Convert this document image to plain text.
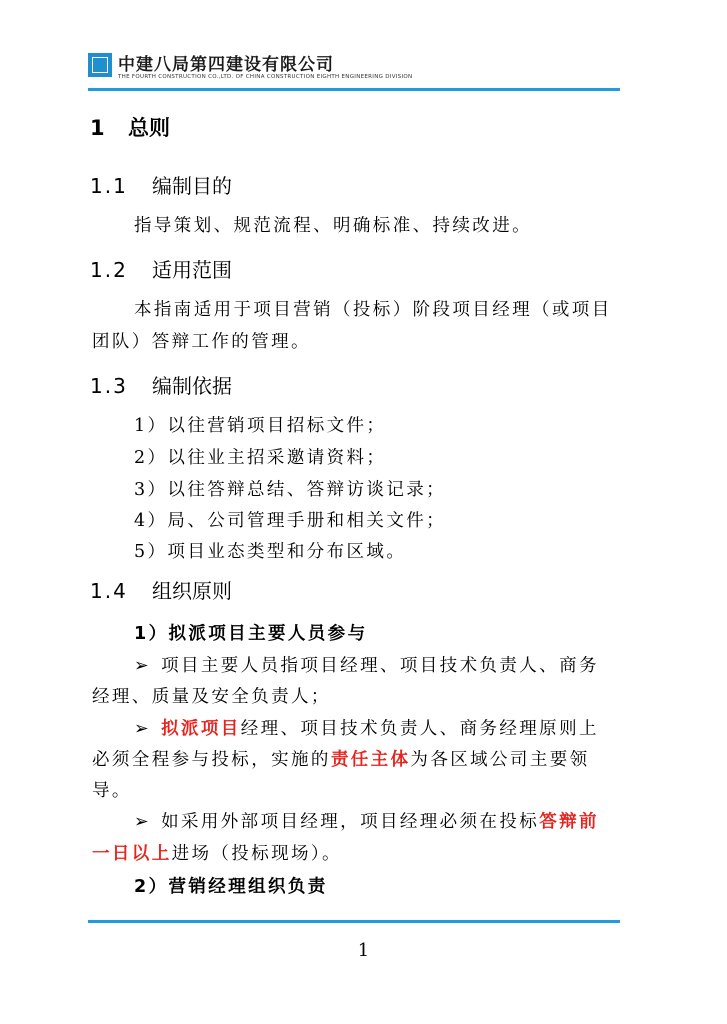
中建八局第四建设有限公司
THE FOURTH CONSTRUCTION CO.,LTD. OF CHINA CONSTRUCTION EIGHTH ENGINEERING DIVISION
1 总则
1.1 编制目的
指导策划、规范流程、明确标准、持续改进。
1.2 适用范围
本指南适用于项目营销（投标）阶段项目经理（或项目
团队）答辩工作的管理。
1.3 编制依据
1）以往营销项目招标文件；
2）以往业主招采邀请资料；
3）以往答辩总结、答辩访谈记录；
4）局、公司管理手册和相关文件；
5）项目业态类型和分布区域。
1.4 组织原则
1）拟派项目主要人员参与
➢ 项目主要人员指项目经理、项目技术负责人、商务
经理、质量及安全负责人；
➢ 拟派项目经理、项目技术负责人、商务经理原则上
必须全程参与投标，实施的责任主体为各区域公司主要领
导。
➢ 如采用外部项目经理，项目经理必须在投标答辩前
一日以上进场（投标现场）。
2）营销经理组织负责
1
